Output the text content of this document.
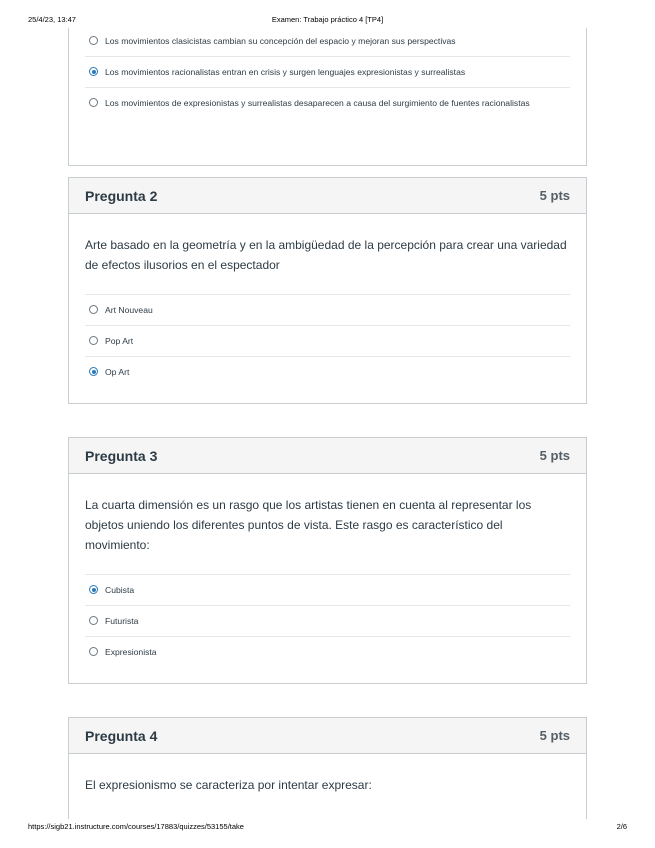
25/4/23, 13:47	Examen: Trabajo práctico 4 [TP4]
Los movimientos clasicistas cambian su concepción del espacio y mejoran sus perspectivas
Los movimientos racionalistas entran en crisis y surgen lenguajes expresionistas y surrealistas
Los movimientos de expresionistas y surrealistas desaparecen a causa del surgimiento de fuentes racionalistas
Pregunta 2	5 pts
Arte basado en la geometría y en la ambigüedad de la percepción para crear una variedad de efectos ilusorios en el espectador
Art Nouveau
Pop Art
Op Art
Pregunta 3	5 pts
La cuarta dimensión es un rasgo que los artistas tienen en cuenta al representar los objetos uniendo los diferentes puntos de vista. Este rasgo es característico del movimiento:
Cubista
Futurista
Expresionista
Pregunta 4	5 pts
El expresionismo se caracteriza por intentar expresar:
https://sigb21.instructure.com/courses/17883/quizzes/53155/take	2/6
